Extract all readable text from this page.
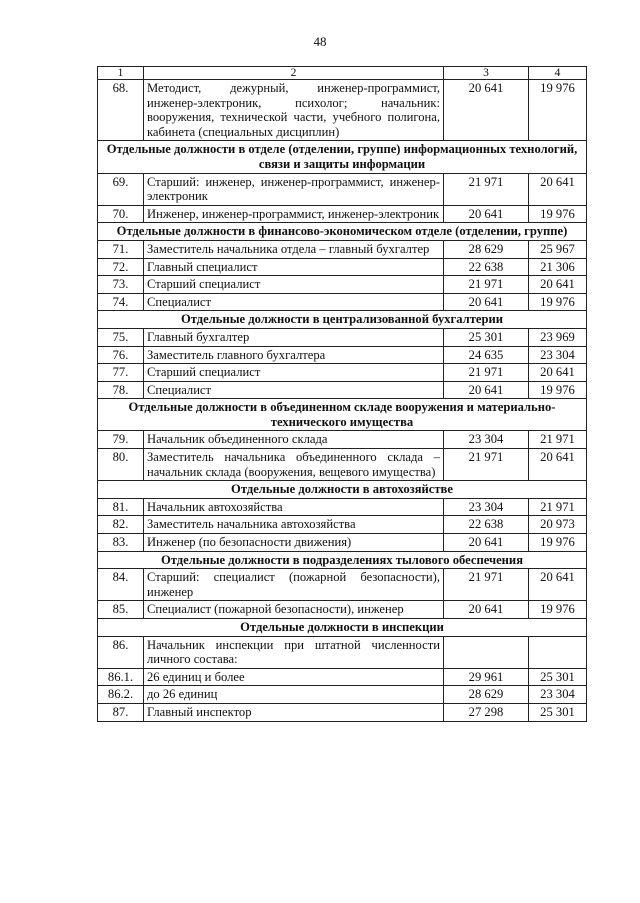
48
1	2	3	4
68.	Методист, дежурный, инженер-программист, инженер-электроник, психолог; начальник: вооружения, технической части, учебного полигона, кабинета (специальных дисциплин)	20 641	19 976
Отдельные должности в отделе (отделении, группе) информационных технологий, связи и защиты информации			
69.	Старший: инженер, инженер-программист, инженер-электроник	21 971	20 641
70.	Инженер, инженер-программист, инженер-электроник	20 641	19 976
Отдельные должности в финансово-экономическом отделе (отделении, группе)			
71.	Заместитель начальника отдела – главный бухгалтер	28 629	25 967
72.	Главный специалист	22 638	21 306
73.	Старший специалист	21 971	20 641
74.	Специалист	20 641	19 976
Отдельные должности в централизованной бухгалтерии			
75.	Главный бухгалтер	25 301	23 969
76.	Заместитель главного бухгалтера	24 635	23 304
77.	Старший специалист	21 971	20 641
78.	Специалист	20 641	19 976
Отдельные должности в объединенном складе вооружения и материально-технического имущества			
79.	Начальник объединенного склада	23 304	21 971
80.	Заместитель начальника объединенного склада – начальник склада (вооружения, вещевого имущества)	21 971	20 641
Отдельные должности в автохозяйстве			
81.	Начальник автохозяйства	23 304	21 971
82.	Заместитель начальника автохозяйства	22 638	20 973
83.	Инженер (по безопасности движения)	20 641	19 976
Отдельные должности в подразделениях тылового обеспечения			
84.	Старший: специалист (пожарной безопасности), инженер	21 971	20 641
85.	Специалист (пожарной безопасности), инженер	20 641	19 976
Отдельные должности в инспекции			
86.	Начальник инспекции при штатной численности личного состава:		
86.1.	26 единиц и более	29 961	25 301
86.2.	до 26 единиц	28 629	23 304
87.	Главный инспектор	27 298	25 301
